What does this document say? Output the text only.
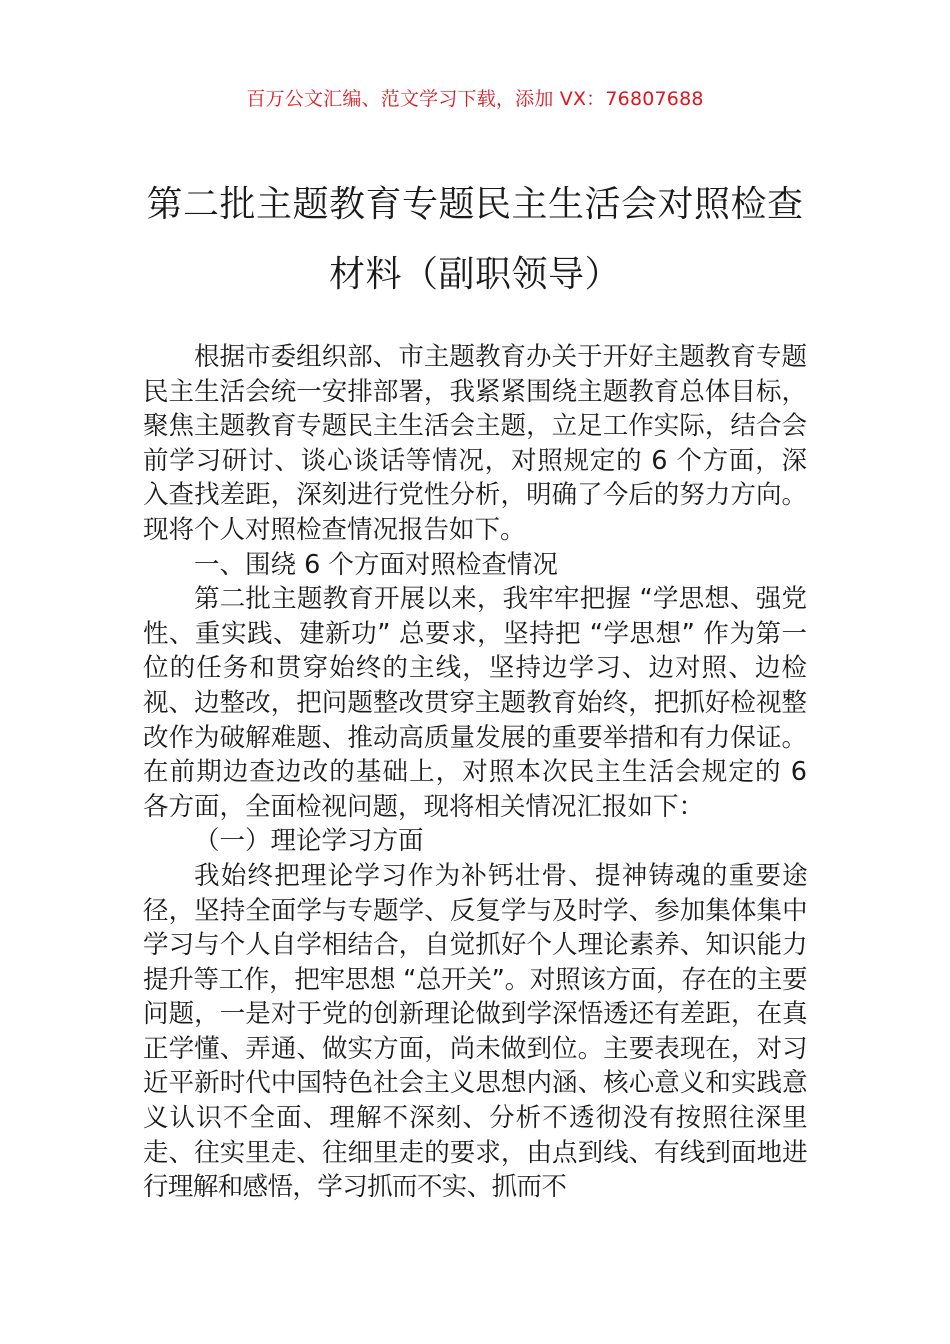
百万公文汇编、范文学习下载，添加 VX：76807688
第二批主题教育专题民主生活会对照检查
材料（副职领导）

根据市委组织部、市主题教育办关于开好主题教育专题民主生活会统一安排部署，我紧紧围绕主题教育总体目标，聚焦主题教育专题民主生活会主题，立足工作实际，结合会前学习研讨、谈心谈话等情况，对照规定的 6 个方面，深入查找差距，深刻进行党性分析，明确了今后的努力方向。现将个人对照检查情况报告如下。

一、围绕 6 个方面对照检查情况

第二批主题教育开展以来，我牢牢把握 “学思想、强党性、重实践、建新功” 总要求，坚持把 “学思想” 作为第一位的任务和贯穿始终的主线，坚持边学习、边对照、边检视、边整改，把问题整改贯穿主题教育始终，把抓好检视整改作为破解难题、推动高质量发展的重要举措和有力保证。在前期边查边改的基础上，对照本次民主生活会规定的 6 各方面，全面检视问题，现将相关情况汇报如下：

（一）理论学习方面

我始终把理论学习作为补钙壮骨、提神铸魂的重要途径，坚持全面学与专题学、反复学与及时学、参加集体集中学习与个人自学相结合，自觉抓好个人理论素养、知识能力提升等工作，把牢思想 “总开关”。对照该方面，存在的主要问题，一是对于党的创新理论做到学深悟透还有差距，在真正学懂、弄通、做实方面，尚未做到位。主要表现在，对习近平新时代中国特色社会主义思想内涵、核心意义和实践意义认识不全面、理解不深刻、分析不透彻没有按照往深里走、往实里走、往细里走的要求，由点到线、有线到面地进行理解和感悟，学习抓而不实、抓而不
